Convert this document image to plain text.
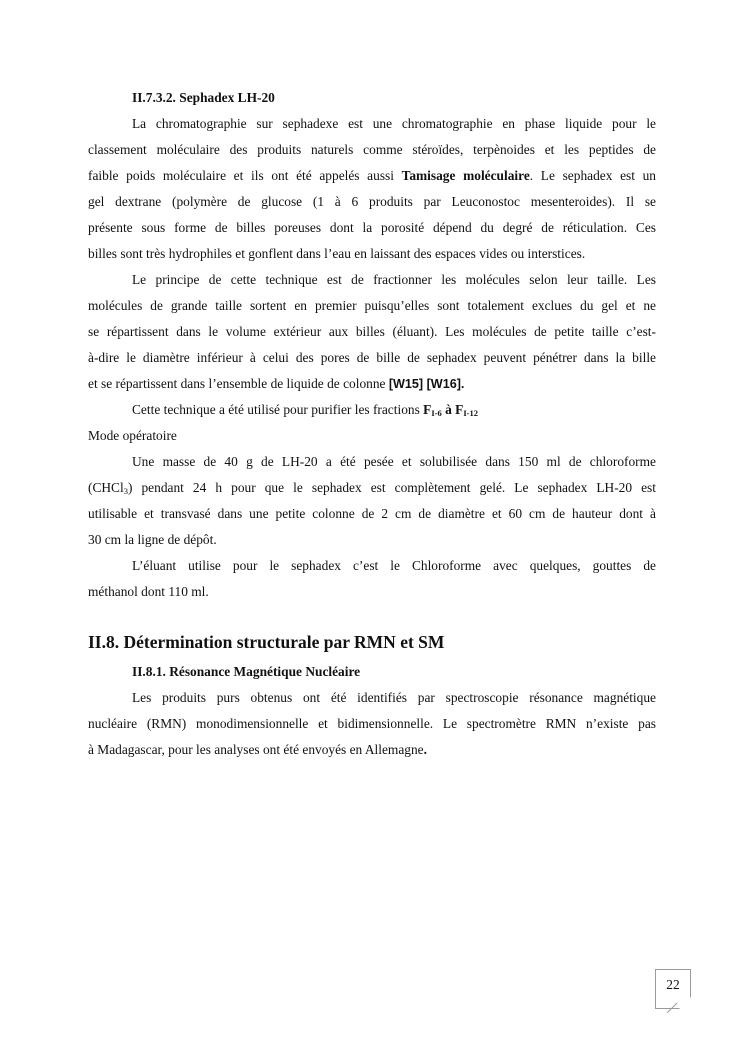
II.7.3.2. Sephadex LH-20
La chromatographie sur sephadexe est une chromatographie en phase liquide pour le
classement moléculaire des produits naturels comme stéroïdes, terpènoides et les peptides de
faible poids moléculaire et ils ont été appelés aussi Tamisage moléculaire. Le sephadex est un
gel dextrane (polymère de glucose (1 à 6 produits par Leuconostoc mesenteroides). Il se
présente sous forme de billes poreuses dont la porosité dépend du degré de réticulation. Ces
billes sont très hydrophiles et gonflent dans l’eau en laissant des espaces vides ou interstices.
Le principe de cette technique est de fractionner les molécules selon leur taille. Les
molécules de grande taille sortent en premier puisqu’elles sont totalement exclues du gel et ne
se répartissent dans le volume extérieur aux billes (éluant). Les molécules de petite taille c’est-
à-dire le diamètre inférieur à celui des pores de bille de sephadex peuvent pénétrer dans la bille
et se répartissent dans l’ensemble de liquide de colonne [W15] [W16].
Cette technique a été utilisé pour purifier les fractions $F_{I-6}$ à $F_{I-12}$
Mode opératoire
Une masse de 40 g de LH-20 a été pesée et solubilisée dans 150 ml de chloroforme
(CHCl$_3$) pendant 24 h pour que le sephadex est complètement gelé. Le sephadex LH-20 est
utilisable et transvasé dans une petite colonne de 2 cm de diamètre et 60 cm de hauteur dont à
30 cm la ligne de dépôt.
L’éluant utilise pour le sephadex c’est le Chloroforme avec quelques, gouttes de
méthanol dont 110 ml.
II.8. Détermination structurale par RMN et SM
II.8.1. Résonance Magnétique Nucléaire
Les produits purs obtenus ont été identifiés par spectroscopie résonance magnétique
nucléaire (RMN) monodimensionnelle et bidimensionnelle. Le spectromètre RMN n’existe pas
à Madagascar, pour les analyses ont été envoyés en Allemagne.
22
